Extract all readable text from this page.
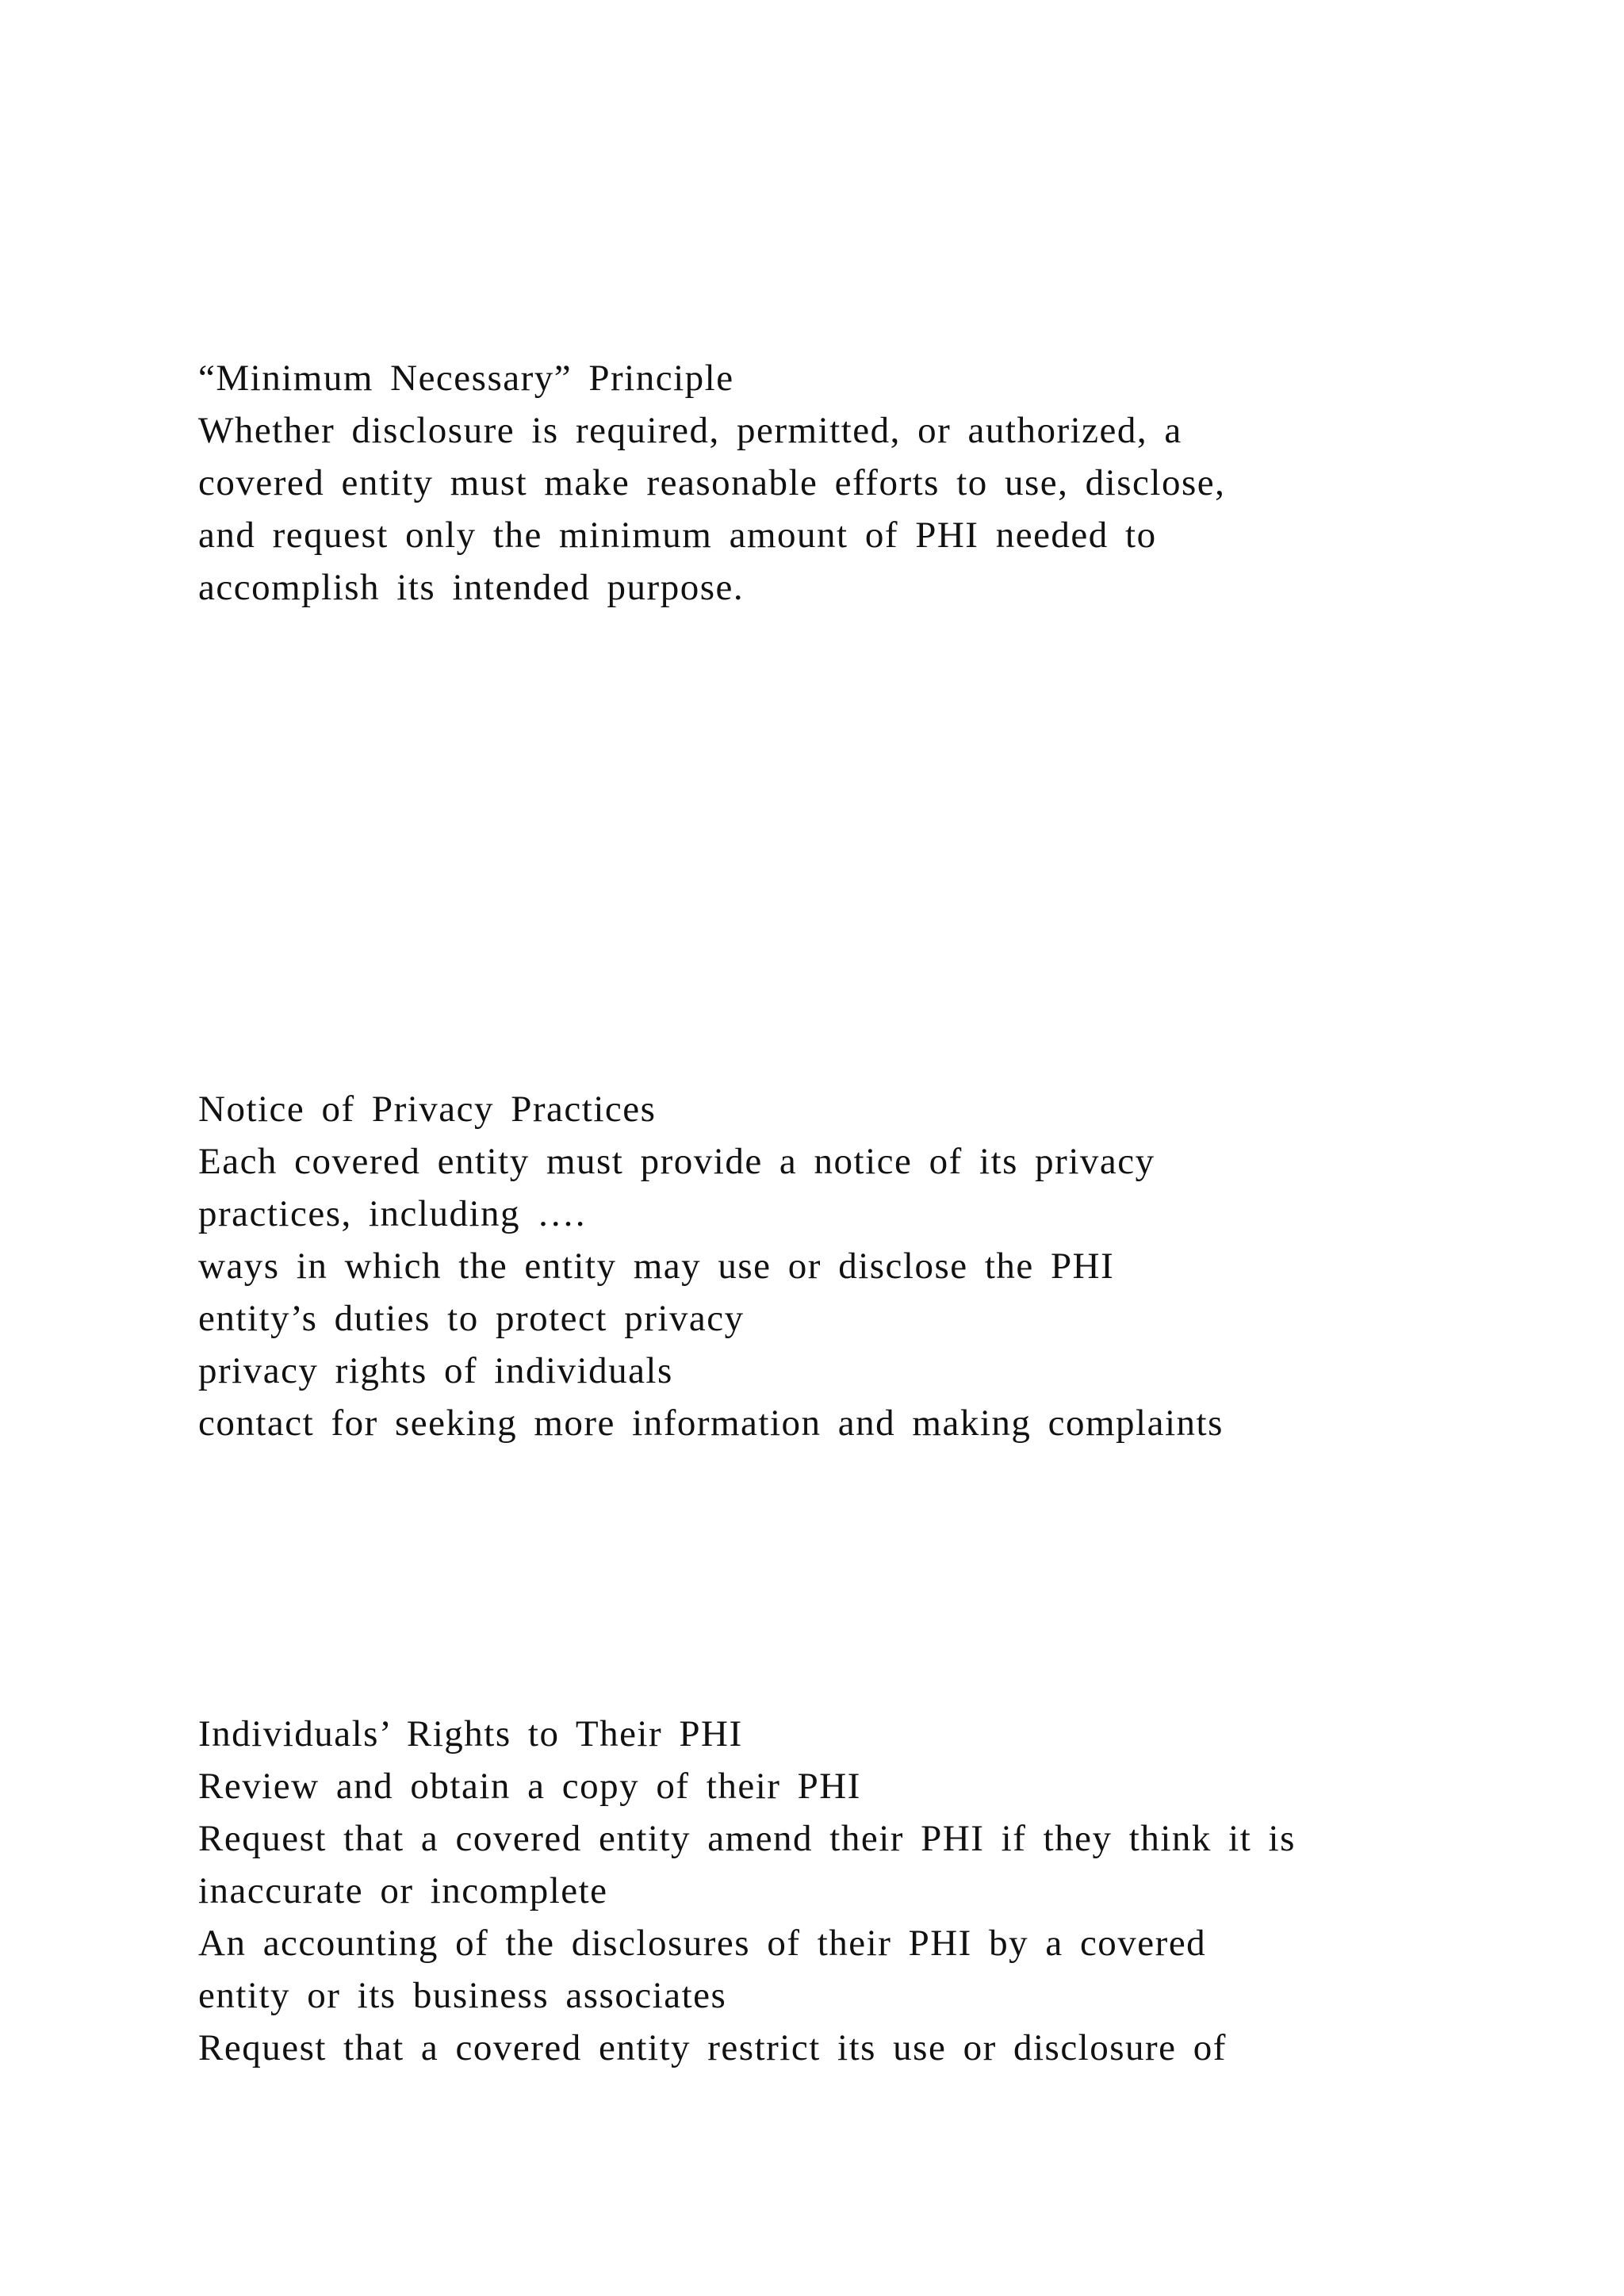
“Minimum Necessary” Principle
Whether disclosure is required, permitted, or authorized, a
covered entity must make reasonable efforts to use, disclose,
and request only the minimum amount of PHI needed to
accomplish its intended purpose.
Notice of Privacy Practices
Each covered entity must provide a notice of its privacy
practices, including ….
ways in which the entity may use or disclose the PHI
entity’s duties to protect privacy
privacy rights of individuals
contact for seeking more information and making complaints
Individuals’ Rights to Their PHI
Review and obtain a copy of their PHI
Request that a covered entity amend their PHI if they think it is
inaccurate or incomplete
An accounting of the disclosures of their PHI by a covered
entity or its business associates
Request that a covered entity restrict its use or disclosure of
